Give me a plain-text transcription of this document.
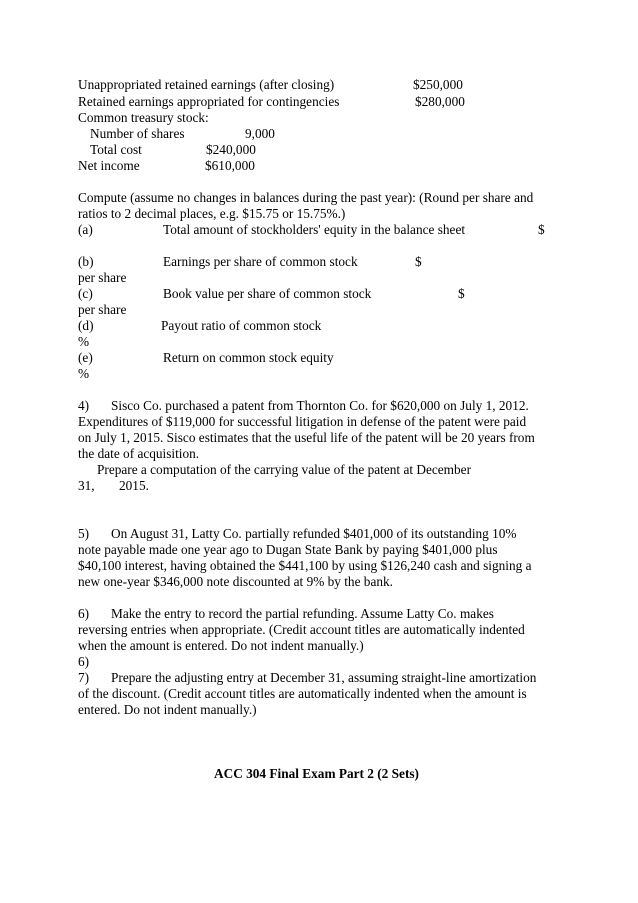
Unappropriated retained earnings (after closing)	$250,000
Retained earnings appropriated for contingencies	$280,000
Common treasury stock:
Number of shares	9,000
Total cost	$240,000
Net income	$610,000
Compute (assume no changes in balances during the past year): (Round per share and
ratios to 2 decimal places, e.g. $15.75 or 15.75%.)
(a)	Total amount of stockholders' equity in the balance sheet	$
(b)	Earnings per share of common stock	$
per share
(c)	Book value per share of common stock	$
per share
(d)	Payout ratio of common stock
%
(e)	Return on common stock equity
%
4) Sisco Co. purchased a patent from Thornton Co. for $620,000 on July 1, 2012.
Expenditures of $119,000 for successful litigation in defense of the patent were paid
on July 1, 2015. Sisco estimates that the useful life of the patent will be 20 years from
the date of acquisition.
Prepare a computation of the carrying value of the patent at December
31, 2015.
5) On August 31, Latty Co. partially refunded $401,000 of its outstanding 10%
note payable made one year ago to Dugan State Bank by paying $401,000 plus
$40,100 interest, having obtained the $441,100 by using $126,240 cash and signing a
new one-year $346,000 note discounted at 9% by the bank.
6) Make the entry to record the partial refunding. Assume Latty Co. makes
reversing entries when appropriate. (Credit account titles are automatically indented
when the amount is entered. Do not indent manually.)
6)
7) Prepare the adjusting entry at December 31, assuming straight-line amortization
of the discount. (Credit account titles are automatically indented when the amount is
entered. Do not indent manually.)
ACC 304 Final Exam Part 2 (2 Sets)
